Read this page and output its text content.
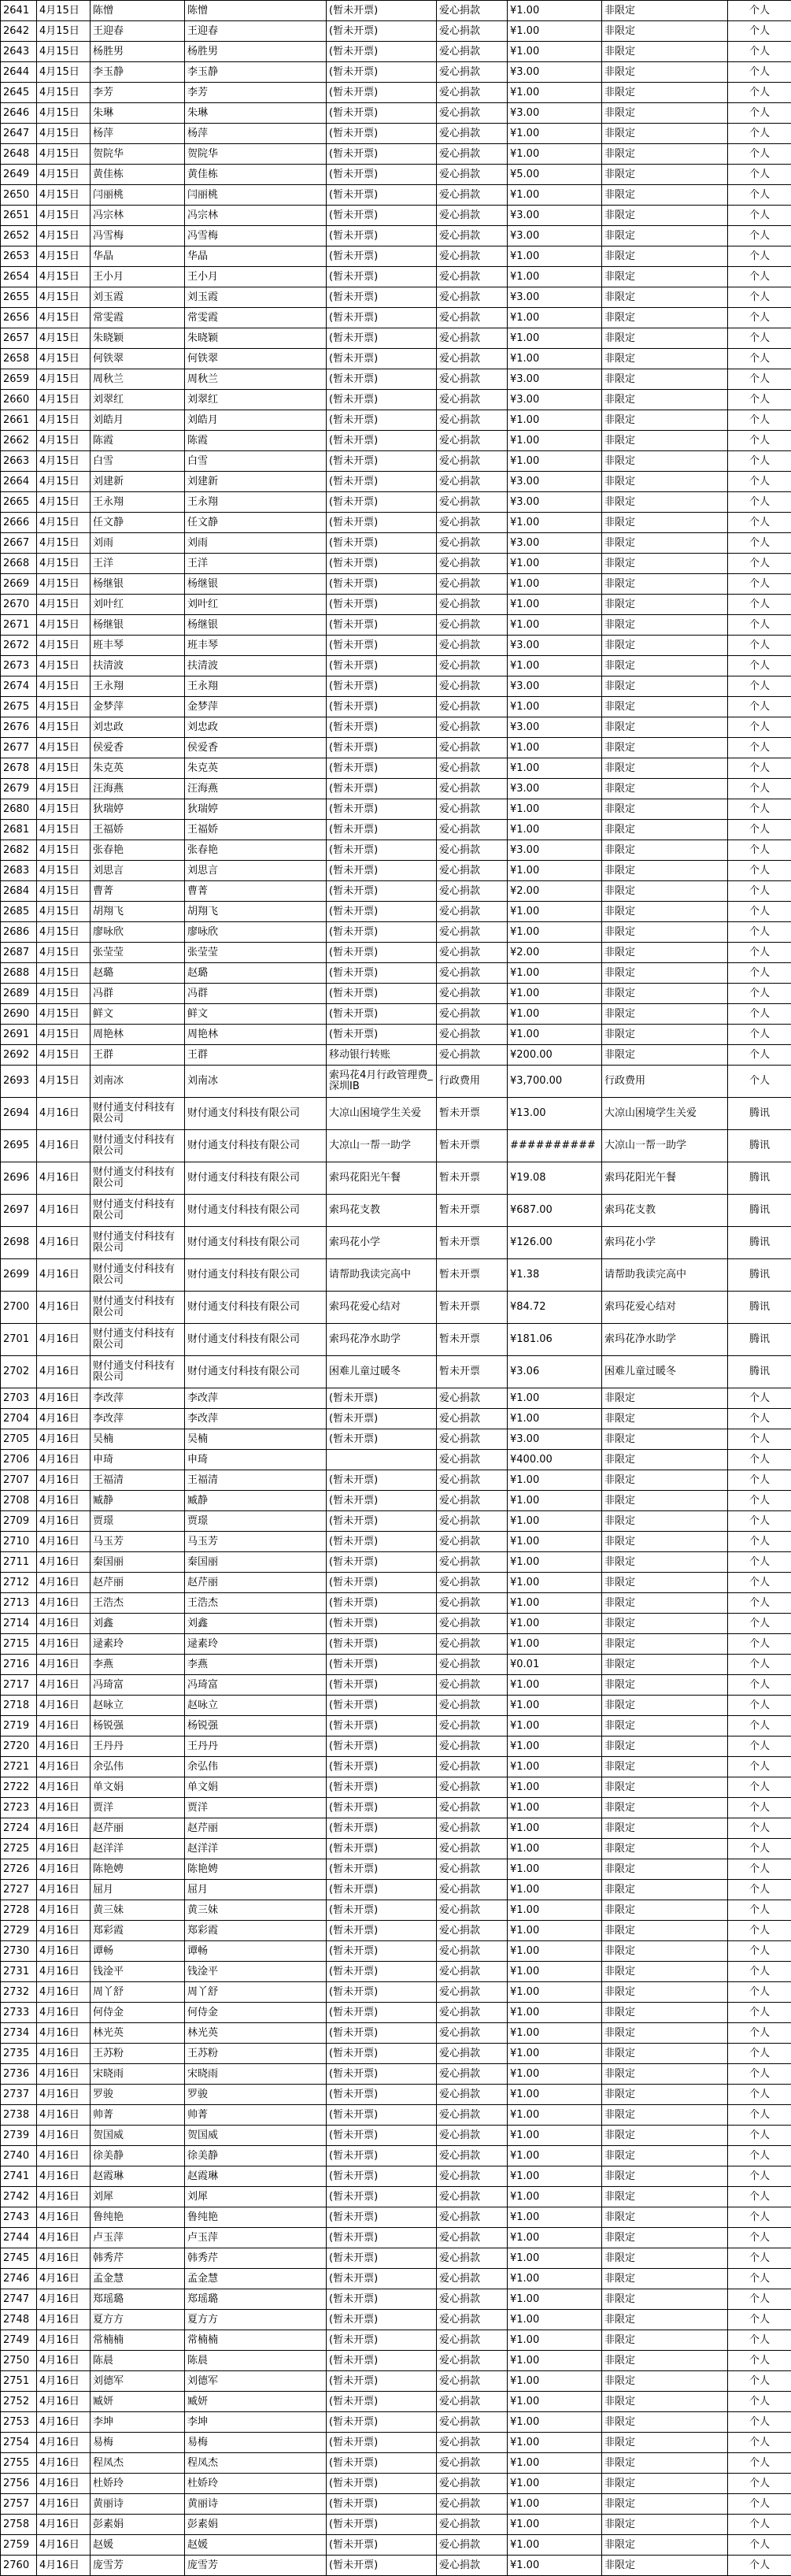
2641	4月15日	陈憎	陈憎	(暂未开票)	爱心捐款	¥1.00	非限定	个人
2642	4月15日	王迎春	王迎春	(暂未开票)	爱心捐款	¥1.00	非限定	个人
2643	4月15日	杨胜男	杨胜男	(暂未开票)	爱心捐款	¥1.00	非限定	个人
2644	4月15日	李玉静	李玉静	(暂未开票)	爱心捐款	¥3.00	非限定	个人
2645	4月15日	李芳	李芳	(暂未开票)	爱心捐款	¥1.00	非限定	个人
2646	4月15日	朱琳	朱琳	(暂未开票)	爱心捐款	¥3.00	非限定	个人
2647	4月15日	杨萍	杨萍	(暂未开票)	爱心捐款	¥1.00	非限定	个人
2648	4月15日	贺院华	贺院华	(暂未开票)	爱心捐款	¥1.00	非限定	个人
2649	4月15日	黄佳栋	黄佳栋	(暂未开票)	爱心捐款	¥5.00	非限定	个人
2650	4月15日	闫丽桃	闫丽桃	(暂未开票)	爱心捐款	¥1.00	非限定	个人
2651	4月15日	冯宗林	冯宗林	(暂未开票)	爱心捐款	¥3.00	非限定	个人
2652	4月15日	冯雪梅	冯雪梅	(暂未开票)	爱心捐款	¥3.00	非限定	个人
2653	4月15日	华晶	华晶	(暂未开票)	爱心捐款	¥1.00	非限定	个人
2654	4月15日	王小月	王小月	(暂未开票)	爱心捐款	¥1.00	非限定	个人
2655	4月15日	刘玉霞	刘玉霞	(暂未开票)	爱心捐款	¥3.00	非限定	个人
2656	4月15日	常雯霞	常雯霞	(暂未开票)	爱心捐款	¥1.00	非限定	个人
2657	4月15日	朱晓颖	朱晓颖	(暂未开票)	爱心捐款	¥1.00	非限定	个人
2658	4月15日	何铁翠	何铁翠	(暂未开票)	爱心捐款	¥1.00	非限定	个人
2659	4月15日	周秋兰	周秋兰	(暂未开票)	爱心捐款	¥3.00	非限定	个人
2660	4月15日	刘翠红	刘翠红	(暂未开票)	爱心捐款	¥3.00	非限定	个人
2661	4月15日	刘皓月	刘皓月	(暂未开票)	爱心捐款	¥1.00	非限定	个人
2662	4月15日	陈霞	陈霞	(暂未开票)	爱心捐款	¥1.00	非限定	个人
2663	4月15日	白雪	白雪	(暂未开票)	爱心捐款	¥1.00	非限定	个人
2664	4月15日	刘建新	刘建新	(暂未开票)	爱心捐款	¥3.00	非限定	个人
2665	4月15日	王永翔	王永翔	(暂未开票)	爱心捐款	¥3.00	非限定	个人
2666	4月15日	任文静	任文静	(暂未开票)	爱心捐款	¥1.00	非限定	个人
2667	4月15日	刘雨	刘雨	(暂未开票)	爱心捐款	¥3.00	非限定	个人
2668	4月15日	王洋	王洋	(暂未开票)	爱心捐款	¥1.00	非限定	个人
2669	4月15日	杨继银	杨继银	(暂未开票)	爱心捐款	¥1.00	非限定	个人
2670	4月15日	刘叶红	刘叶红	(暂未开票)	爱心捐款	¥1.00	非限定	个人
2671	4月15日	杨继银	杨继银	(暂未开票)	爱心捐款	¥1.00	非限定	个人
2672	4月15日	班丰琴	班丰琴	(暂未开票)	爱心捐款	¥3.00	非限定	个人
2673	4月15日	扶清波	扶清波	(暂未开票)	爱心捐款	¥1.00	非限定	个人
2674	4月15日	王永翔	王永翔	(暂未开票)	爱心捐款	¥3.00	非限定	个人
2675	4月15日	金梦萍	金梦萍	(暂未开票)	爱心捐款	¥1.00	非限定	个人
2676	4月15日	刘忠政	刘忠政	(暂未开票)	爱心捐款	¥3.00	非限定	个人
2677	4月15日	侯爱香	侯爱香	(暂未开票)	爱心捐款	¥1.00	非限定	个人
2678	4月15日	朱克英	朱克英	(暂未开票)	爱心捐款	¥1.00	非限定	个人
2679	4月15日	汪海燕	汪海燕	(暂未开票)	爱心捐款	¥3.00	非限定	个人
2680	4月15日	狄瑞婷	狄瑞婷	(暂未开票)	爱心捐款	¥1.00	非限定	个人
2681	4月15日	王福娇	王福娇	(暂未开票)	爱心捐款	¥1.00	非限定	个人
2682	4月15日	张春艳	张春艳	(暂未开票)	爱心捐款	¥3.00	非限定	个人
2683	4月15日	刘思言	刘思言	(暂未开票)	爱心捐款	¥1.00	非限定	个人
2684	4月15日	曹菁	曹菁	(暂未开票)	爱心捐款	¥2.00	非限定	个人
2685	4月15日	胡翔飞	胡翔飞	(暂未开票)	爱心捐款	¥1.00	非限定	个人
2686	4月15日	廖咏欣	廖咏欣	(暂未开票)	爱心捐款	¥1.00	非限定	个人
2687	4月15日	张莹莹	张莹莹	(暂未开票)	爱心捐款	¥2.00	非限定	个人
2688	4月15日	赵璐	赵璐	(暂未开票)	爱心捐款	¥1.00	非限定	个人
2689	4月15日	冯群	冯群	(暂未开票)	爱心捐款	¥1.00	非限定	个人
2690	4月15日	鲜文	鲜文	(暂未开票)	爱心捐款	¥1.00	非限定	个人
2691	4月15日	周艳林	周艳林	(暂未开票)	爱心捐款	¥1.00	非限定	个人
2692	4月15日	王群	王群	移动银行转账	爱心捐款	¥200.00	非限定	个人
2693	4月15日	刘南冰	刘南冰	索玛花4月行政管理费_深圳IB	行政费用	¥3,700.00	行政费用	个人
2694	4月16日	财付通支付科技有限公司	财付通支付科技有限公司	大凉山困境学生关爱	暂未开票	¥13.00	大凉山困境学生关爱	腾讯
2695	4月16日	财付通支付科技有限公司	财付通支付科技有限公司	大凉山一帮一助学	暂未开票	##########	大凉山一帮一助学	腾讯
2696	4月16日	财付通支付科技有限公司	财付通支付科技有限公司	索玛花阳光午餐	暂未开票	¥19.08	索玛花阳光午餐	腾讯
2697	4月16日	财付通支付科技有限公司	财付通支付科技有限公司	索玛花支教	暂未开票	¥687.00	索玛花支教	腾讯
2698	4月16日	财付通支付科技有限公司	财付通支付科技有限公司	索玛花小学	暂未开票	¥126.00	索玛花小学	腾讯
2699	4月16日	财付通支付科技有限公司	财付通支付科技有限公司	请帮助我读完高中	暂未开票	¥1.38	请帮助我读完高中	腾讯
2700	4月16日	财付通支付科技有限公司	财付通支付科技有限公司	索玛花爱心结对	暂未开票	¥84.72	索玛花爱心结对	腾讯
2701	4月16日	财付通支付科技有限公司	财付通支付科技有限公司	索玛花净水助学	暂未开票	¥181.06	索玛花净水助学	腾讯
2702	4月16日	财付通支付科技有限公司	财付通支付科技有限公司	困难儿童过暖冬	暂未开票	¥3.06	困难儿童过暖冬	腾讯
2703	4月16日	李改萍	李改萍	(暂未开票)	爱心捐款	¥1.00	非限定	个人
2704	4月16日	李改萍	李改萍	(暂未开票)	爱心捐款	¥1.00	非限定	个人
2705	4月16日	吴楠	吴楠	(暂未开票)	爱心捐款	¥3.00	非限定	个人
2706	4月16日	申琦	申琦		爱心捐款	¥400.00	非限定	个人
2707	4月16日	王福清	王福清	(暂未开票)	爱心捐款	¥1.00	非限定	个人
2708	4月16日	臧静	臧静	(暂未开票)	爱心捐款	¥1.00	非限定	个人
2709	4月16日	贾璟	贾璟	(暂未开票)	爱心捐款	¥1.00	非限定	个人
2710	4月16日	马玉芳	马玉芳	(暂未开票)	爱心捐款	¥1.00	非限定	个人
2711	4月16日	秦国丽	秦国丽	(暂未开票)	爱心捐款	¥1.00	非限定	个人
2712	4月16日	赵芹丽	赵芹丽	(暂未开票)	爱心捐款	¥1.00	非限定	个人
2713	4月16日	王浩杰	王浩杰	(暂未开票)	爱心捐款	¥1.00	非限定	个人
2714	4月16日	刘鑫	刘鑫	(暂未开票)	爱心捐款	¥1.00	非限定	个人
2715	4月16日	逯素玲	逯素玲	(暂未开票)	爱心捐款	¥1.00	非限定	个人
2716	4月16日	李燕	李燕	(暂未开票)	爱心捐款	¥0.01	非限定	个人
2717	4月16日	冯琦富	冯琦富	(暂未开票)	爱心捐款	¥1.00	非限定	个人
2718	4月16日	赵咏立	赵咏立	(暂未开票)	爱心捐款	¥1.00	非限定	个人
2719	4月16日	杨锐强	杨锐强	(暂未开票)	爱心捐款	¥1.00	非限定	个人
2720	4月16日	王丹丹	王丹丹	(暂未开票)	爱心捐款	¥1.00	非限定	个人
2721	4月16日	余弘伟	余弘伟	(暂未开票)	爱心捐款	¥1.00	非限定	个人
2722	4月16日	单文娟	单文娟	(暂未开票)	爱心捐款	¥1.00	非限定	个人
2723	4月16日	贾洋	贾洋	(暂未开票)	爱心捐款	¥1.00	非限定	个人
2724	4月16日	赵芹丽	赵芹丽	(暂未开票)	爱心捐款	¥1.00	非限定	个人
2725	4月16日	赵洋洋	赵洋洋	(暂未开票)	爱心捐款	¥1.00	非限定	个人
2726	4月16日	陈艳娉	陈艳娉	(暂未开票)	爱心捐款	¥1.00	非限定	个人
2727	4月16日	屈月	屈月	(暂未开票)	爱心捐款	¥1.00	非限定	个人
2728	4月16日	黄三妹	黄三妹	(暂未开票)	爱心捐款	¥1.00	非限定	个人
2729	4月16日	郑彩霞	郑彩霞	(暂未开票)	爱心捐款	¥1.00	非限定	个人
2730	4月16日	谭畅	谭畅	(暂未开票)	爱心捐款	¥1.00	非限定	个人
2731	4月16日	钱淦平	钱淦平	(暂未开票)	爱心捐款	¥1.00	非限定	个人
2732	4月16日	周丫舒	周丫舒	(暂未开票)	爱心捐款	¥1.00	非限定	个人
2733	4月16日	何侍金	何侍金	(暂未开票)	爱心捐款	¥1.00	非限定	个人
2734	4月16日	林光英	林光英	(暂未开票)	爱心捐款	¥1.00	非限定	个人
2735	4月16日	王苏粉	王苏粉	(暂未开票)	爱心捐款	¥1.00	非限定	个人
2736	4月16日	宋晓雨	宋晓雨	(暂未开票)	爱心捐款	¥1.00	非限定	个人
2737	4月16日	罗骏	罗骏	(暂未开票)	爱心捐款	¥1.00	非限定	个人
2738	4月16日	帅菁	帅菁	(暂未开票)	爱心捐款	¥1.00	非限定	个人
2739	4月16日	贺国威	贺国威	(暂未开票)	爱心捐款	¥1.00	非限定	个人
2740	4月16日	徐美静	徐美静	(暂未开票)	爱心捐款	¥1.00	非限定	个人
2741	4月16日	赵霞琳	赵霞琳	(暂未开票)	爱心捐款	¥1.00	非限定	个人
2742	4月16日	刘犀	刘犀	(暂未开票)	爱心捐款	¥1.00	非限定	个人
2743	4月16日	鲁纯艳	鲁纯艳	(暂未开票)	爱心捐款	¥1.00	非限定	个人
2744	4月16日	卢玉萍	卢玉萍	(暂未开票)	爱心捐款	¥1.00	非限定	个人
2745	4月16日	韩秀芹	韩秀芹	(暂未开票)	爱心捐款	¥1.00	非限定	个人
2746	4月16日	孟金慧	孟金慧	(暂未开票)	爱心捐款	¥1.00	非限定	个人
2747	4月16日	郑瑶璐	郑瑶璐	(暂未开票)	爱心捐款	¥1.00	非限定	个人
2748	4月16日	夏方方	夏方方	(暂未开票)	爱心捐款	¥1.00	非限定	个人
2749	4月16日	常楠楠	常楠楠	(暂未开票)	爱心捐款	¥1.00	非限定	个人
2750	4月16日	陈晨	陈晨	(暂未开票)	爱心捐款	¥1.00	非限定	个人
2751	4月16日	刘德军	刘德军	(暂未开票)	爱心捐款	¥1.00	非限定	个人
2752	4月16日	臧妍	臧妍	(暂未开票)	爱心捐款	¥1.00	非限定	个人
2753	4月16日	李坤	李坤	(暂未开票)	爱心捐款	¥1.00	非限定	个人
2754	4月16日	易梅	易梅	(暂未开票)	爱心捐款	¥1.00	非限定	个人
2755	4月16日	程凤杰	程凤杰	(暂未开票)	爱心捐款	¥1.00	非限定	个人
2756	4月16日	杜娇玲	杜娇玲	(暂未开票)	爱心捐款	¥1.00	非限定	个人
2757	4月16日	黄丽诗	黄丽诗	(暂未开票)	爱心捐款	¥1.00	非限定	个人
2758	4月16日	彭素娟	彭素娟	(暂未开票)	爱心捐款	¥1.00	非限定	个人
2759	4月16日	赵媛	赵媛	(暂未开票)	爱心捐款	¥1.00	非限定	个人
2760	4月16日	庞雪芳	庞雪芳	(暂未开票)	爱心捐款	¥1.00	非限定	个人
